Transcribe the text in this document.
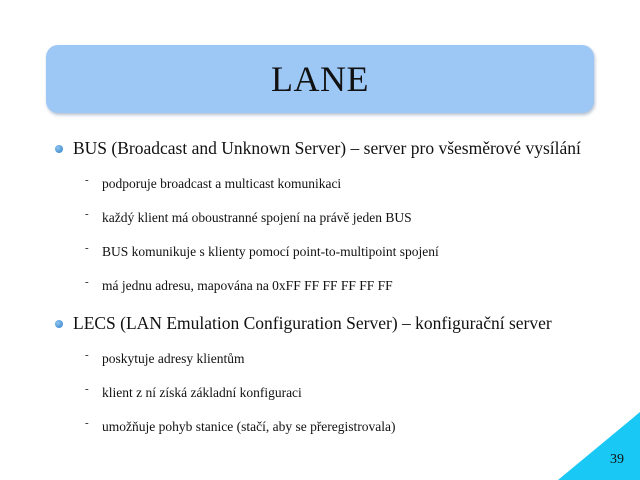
LANE
BUS (Broadcast and Unknown Server) – server pro všesměrové vysílání
- podporuje broadcast a multicast komunikaci
- každý klient má oboustranné spojení na právě jeden BUS
- BUS komunikuje s klienty pomocí point-to-multipoint spojení
- má jednu adresu, mapována na 0xFF FF FF FF FF FF
LECS (LAN Emulation Configuration Server) – konfigurační server
- poskytuje adresy klientům
- klient z ní získá základní konfiguraci
- umožňuje pohyb stanice (stačí, aby se přeregistrovala)
39
